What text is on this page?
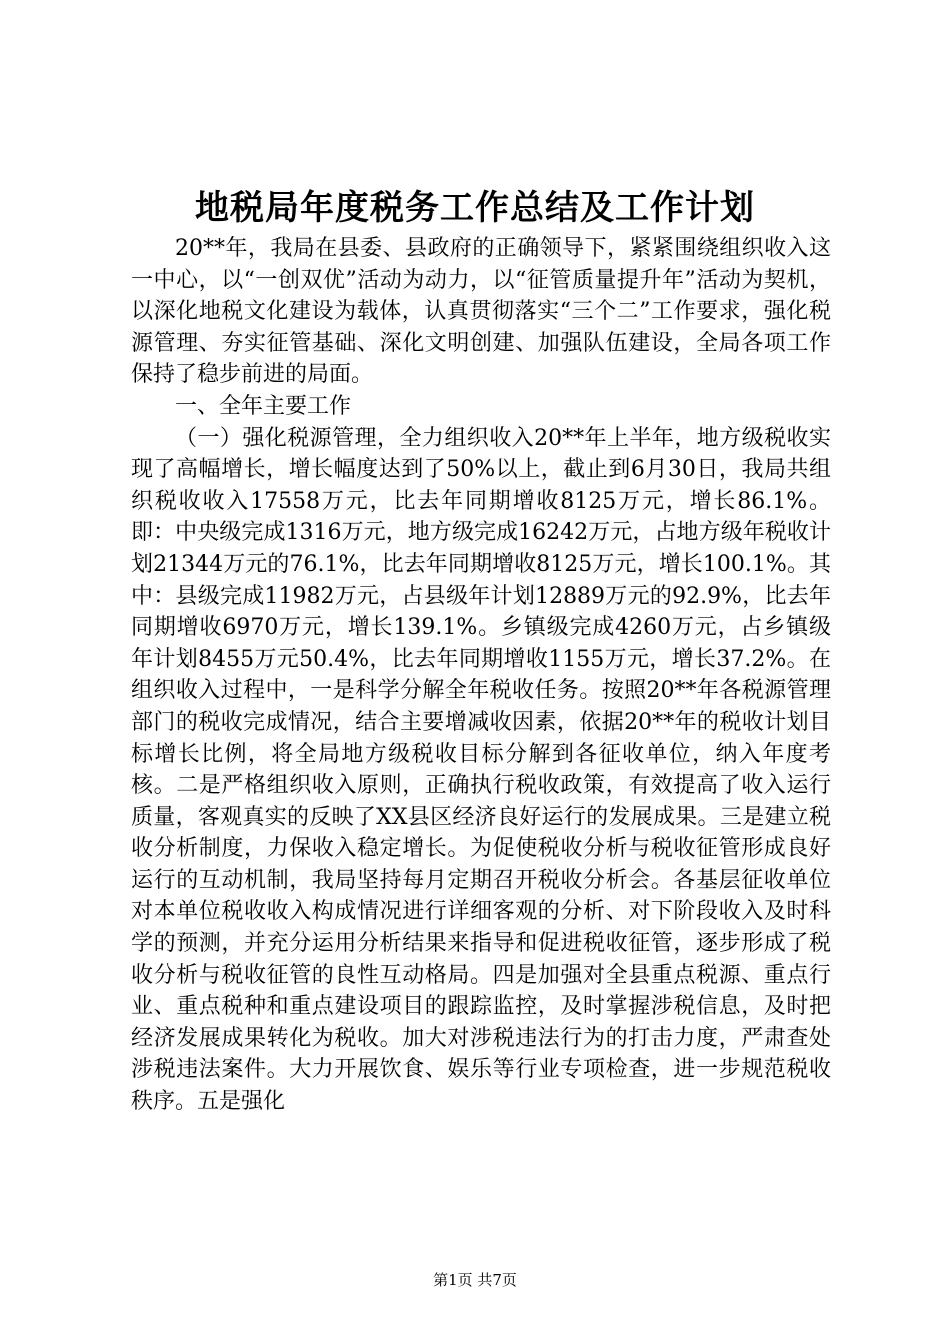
地税局年度税务工作总结及工作计划

20**年，我局在县委、县政府的正确领导下，紧紧围绕组织收入这一中心，以“一创双优”活动为动力，以“征管质量提升年”活动为契机，以深化地税文化建设为载体，认真贯彻落实“三个二”工作要求，强化税源管理、夯实征管基础、深化文明创建、加强队伍建设，全局各项工作保持了稳步前进的局面。

一、全年主要工作

（一）强化税源管理，全力组织收入20**年上半年，地方级税收实现了高幅增长，增长幅度达到了50%以上，截止到6月30日，我局共组织税收收入17558万元，比去年同期增收8125万元，增长86.1%。即：中央级完成1316万元，地方级完成16242万元，占地方级年税收计划21344万元的76.1%，比去年同期增收8125万元，增长100.1%。其中：县级完成11982万元，占县级年计划12889万元的92.9%，比去年同期增收6970万元，增长139.1%。乡镇级完成4260万元，占乡镇级年计划8455万元50.4%，比去年同期增收1155万元，增长37.2%。在组织收入过程中，一是科学分解全年税收任务。按照20**年各税源管理部门的税收完成情况，结合主要增减收因素，依据20**年的税收计划目标增长比例，将全局地方级税收目标分解到各征收单位，纳入年度考核。二是严格组织收入原则，正确执行税收政策，有效提高了收入运行质量，客观真实的反映了XX县区经济良好运行的发展成果。三是建立税收分析制度，力保收入稳定增长。为促使税收分析与税收征管形成良好运行的互动机制，我局坚持每月定期召开税收分析会。各基层征收单位对本单位税收收入构成情况进行详细客观的分析、对下阶段收入及时科学的预测，并充分运用分析结果来指导和促进税收征管，逐步形成了税收分析与税收征管的良性互动格局。四是加强对全县重点税源、重点行业、重点税种和重点建设项目的跟踪监控，及时掌握涉税信息，及时把经济发展成果转化为税收。加大对涉税违法行为的打击力度，严肃查处涉税违法案件。大力开展饮食、娱乐等行业专项检查，进一步规范税收秩序。五是强化

第1页 共7页
